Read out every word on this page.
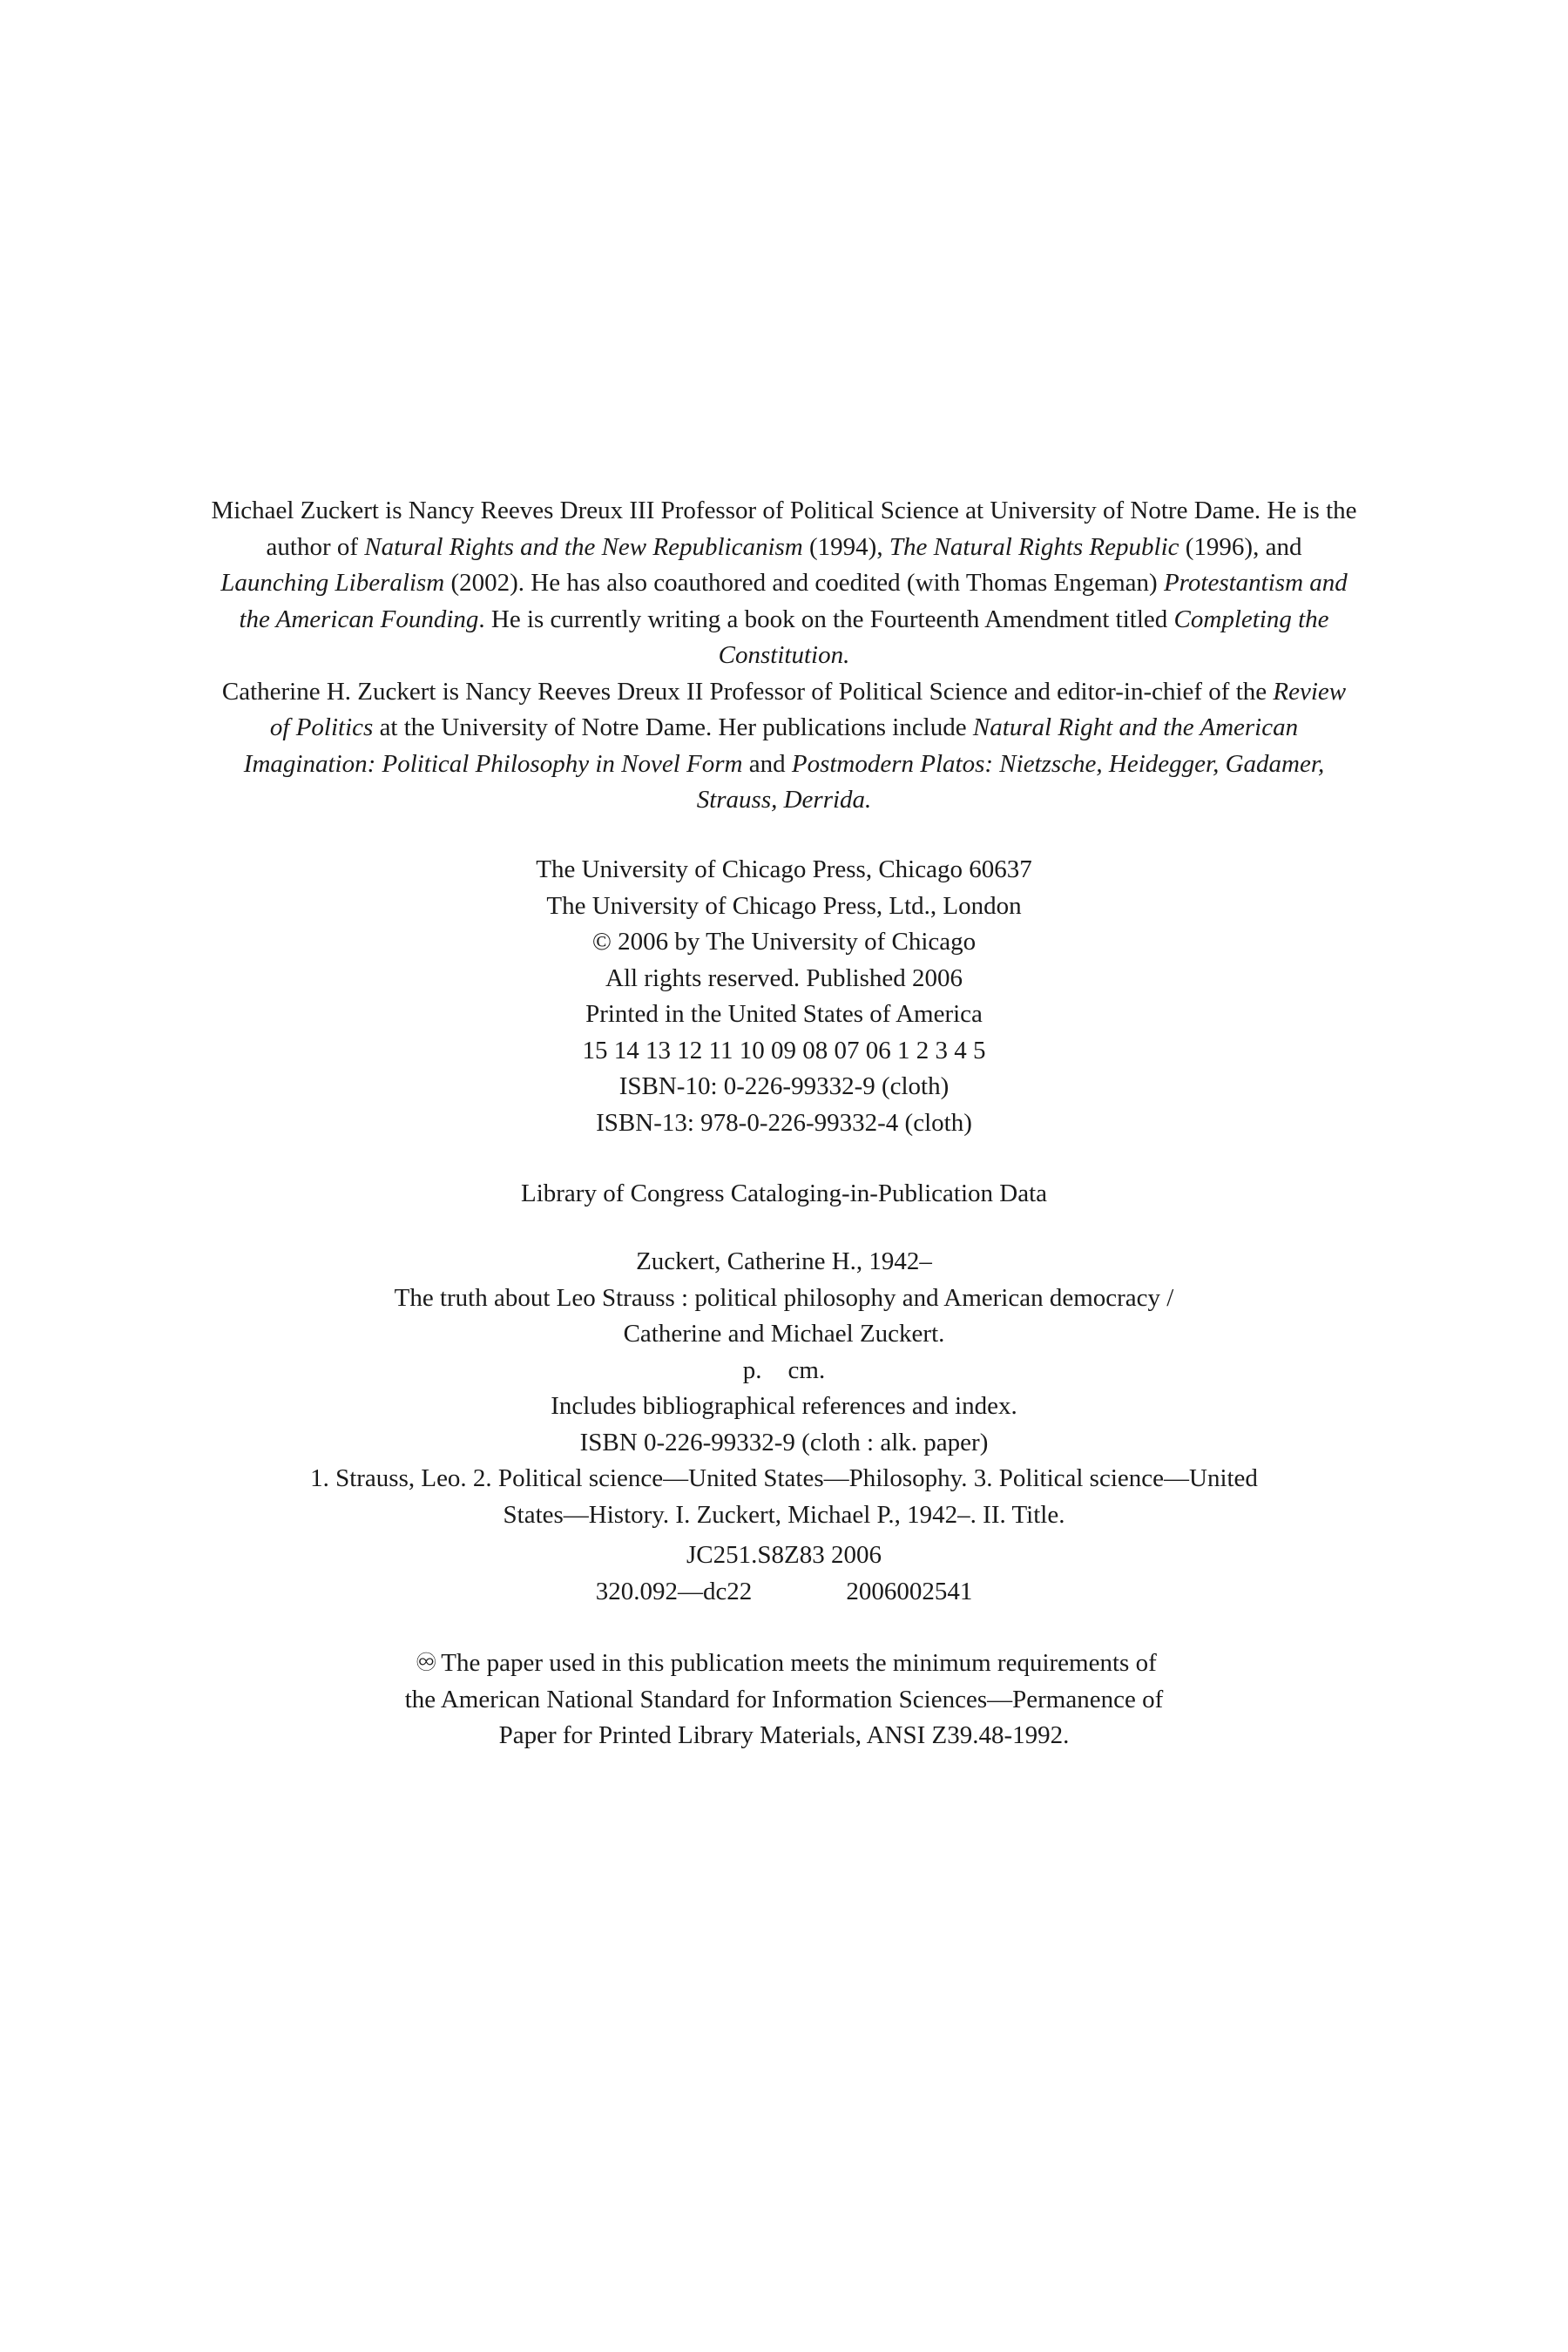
Michael Zuckert is Nancy Reeves Dreux III Professor of Political Science at University of Notre Dame. He is the author of Natural Rights and the New Republicanism (1994), The Natural Rights Republic (1996), and Launching Liberalism (2002). He has also coauthored and coedited (with Thomas Engeman) Protestantism and the American Founding. He is currently writing a book on the Fourteenth Amendment titled Completing the Constitution.

Catherine H. Zuckert is Nancy Reeves Dreux II Professor of Political Science and editor-in-chief of the Review of Politics at the University of Notre Dame. Her publications include Natural Right and the American Imagination: Political Philosophy in Novel Form and Postmodern Platos: Nietzsche, Heidegger, Gadamer, Strauss, Derrida.

The University of Chicago Press, Chicago 60637
The University of Chicago Press, Ltd., London
© 2006 by The University of Chicago
All rights reserved. Published 2006
Printed in the United States of America
15 14 13 12 11 10 09 08 07 06 1 2 3 4 5
ISBN-10: 0-226-99332-9 (cloth)
ISBN-13: 978-0-226-99332-4 (cloth)
Library of Congress Cataloging-in-Publication Data
Zuckert, Catherine H., 1942–
The truth about Leo Strauss : political philosophy and American democracy /
Catherine and Michael Zuckert.
p. cm.
Includes bibliographical references and index.
ISBN 0-226-99332-9 (cloth : alk. paper)
1. Strauss, Leo. 2. Political science—United States—Philosophy. 3. Political science—United
States—History. I. Zuckert, Michael P., 1942–. II. Title.
JC251.S8Z83 2006
320.092—dc22	2006002541
♾ The paper used in this publication meets the minimum requirements of
the American National Standard for Information Sciences—Permanence of
Paper for Printed Library Materials, ANSI Z39.48-1992.
